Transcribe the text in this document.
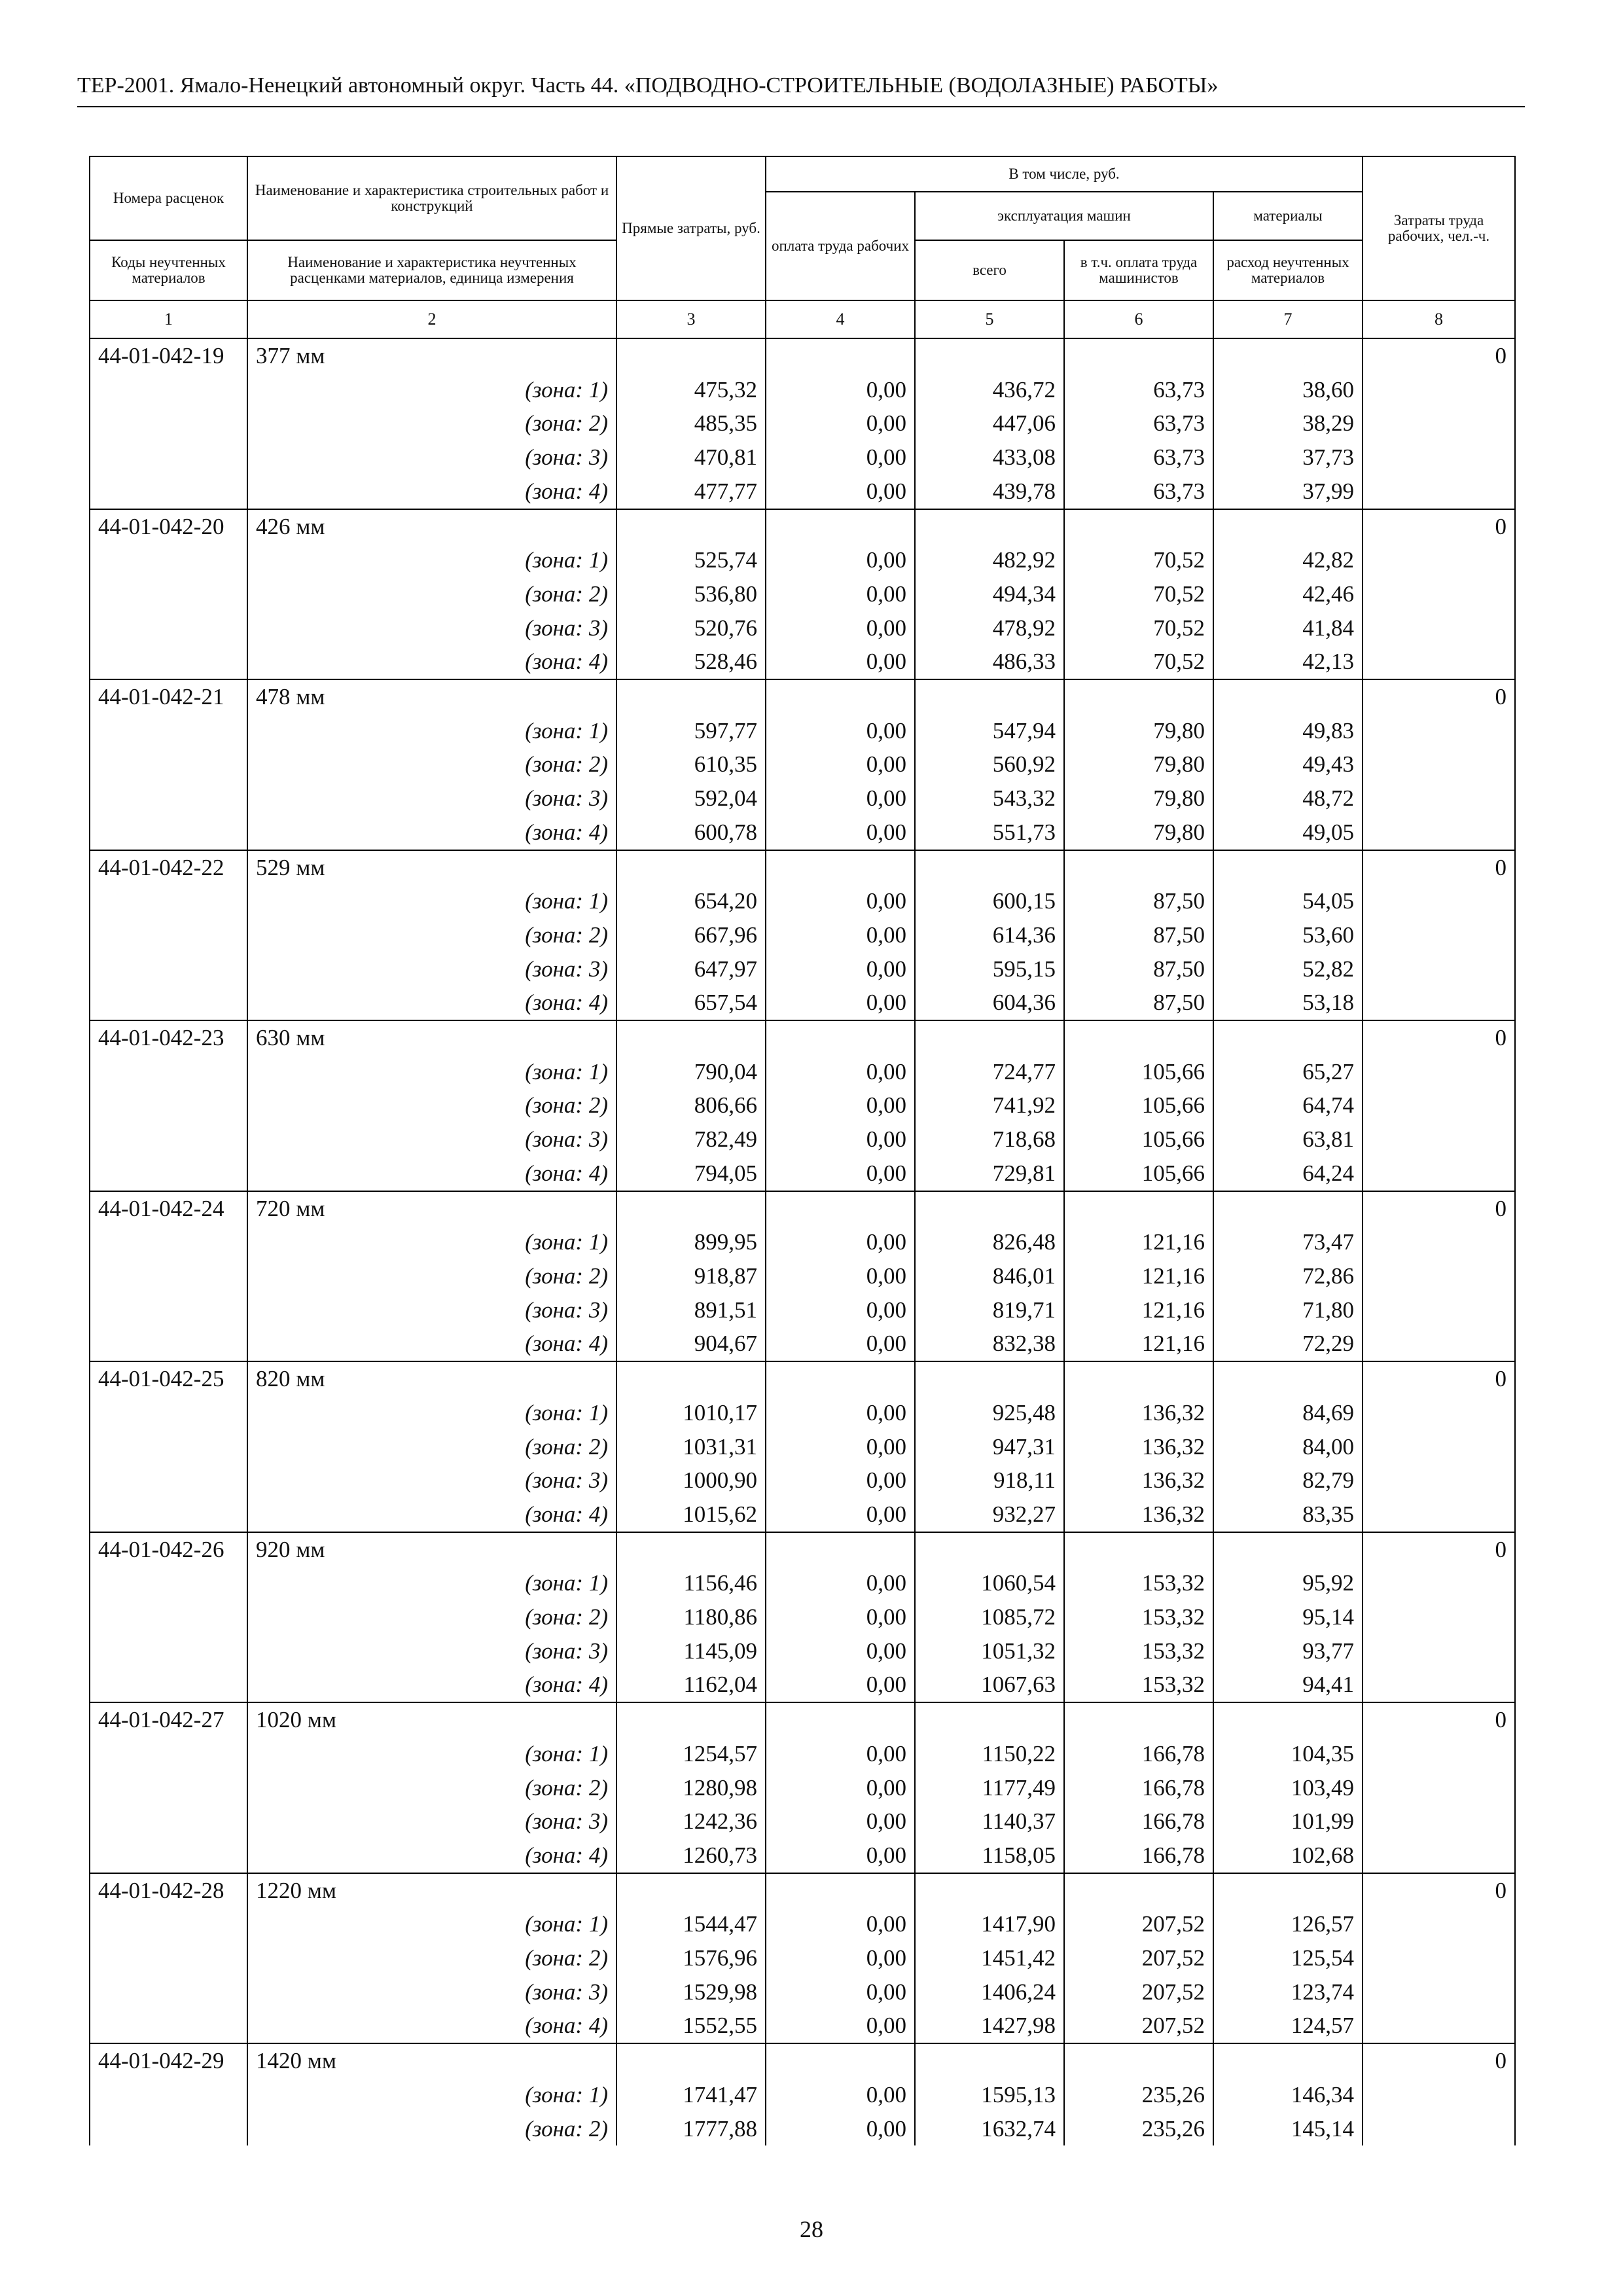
ТЕР-2001. Ямало-Ненецкий автономный округ. Часть 44. «ПОДВОДНО-СТРОИТЕЛЬНЫЕ (ВОДОЛАЗНЫЕ) РАБОТЫ»
Номера расценок	Наименование и характеристика строительных работ и конструкций	Прямые затраты, руб.	В том числе, руб.				Затраты труда рабочих, чел.-ч.
			оплата труда рабочих	эксплуатация машин		материалы	
Коды неучтенных материалов	Наименование и характеристика неучтенных расценками материалов, единица измерения			всего	в т.ч. оплата труда машинистов	расход неучтенных материалов	
1	2	3	4	5	6	7	8
44-01-042-19	377 мм						0
	(зона: 1)	475,32	0,00	436,72	63,73	38,60	
	(зона: 2)	485,35	0,00	447,06	63,73	38,29	
	(зона: 3)	470,81	0,00	433,08	63,73	37,73	
	(зона: 4)	477,77	0,00	439,78	63,73	37,99	
44-01-042-20	426 мм						0
	(зона: 1)	525,74	0,00	482,92	70,52	42,82	
	(зона: 2)	536,80	0,00	494,34	70,52	42,46	
	(зона: 3)	520,76	0,00	478,92	70,52	41,84	
	(зона: 4)	528,46	0,00	486,33	70,52	42,13	
44-01-042-21	478 мм						0
	(зона: 1)	597,77	0,00	547,94	79,80	49,83	
	(зона: 2)	610,35	0,00	560,92	79,80	49,43	
	(зона: 3)	592,04	0,00	543,32	79,80	48,72	
	(зона: 4)	600,78	0,00	551,73	79,80	49,05	
44-01-042-22	529 мм						0
	(зона: 1)	654,20	0,00	600,15	87,50	54,05	
	(зона: 2)	667,96	0,00	614,36	87,50	53,60	
	(зона: 3)	647,97	0,00	595,15	87,50	52,82	
	(зона: 4)	657,54	0,00	604,36	87,50	53,18	
44-01-042-23	630 мм						0
	(зона: 1)	790,04	0,00	724,77	105,66	65,27	
	(зона: 2)	806,66	0,00	741,92	105,66	64,74	
	(зона: 3)	782,49	0,00	718,68	105,66	63,81	
	(зона: 4)	794,05	0,00	729,81	105,66	64,24	
44-01-042-24	720 мм						0
	(зона: 1)	899,95	0,00	826,48	121,16	73,47	
	(зона: 2)	918,87	0,00	846,01	121,16	72,86	
	(зона: 3)	891,51	0,00	819,71	121,16	71,80	
	(зона: 4)	904,67	0,00	832,38	121,16	72,29	
44-01-042-25	820 мм						0
	(зона: 1)	1010,17	0,00	925,48	136,32	84,69	
	(зона: 2)	1031,31	0,00	947,31	136,32	84,00	
	(зона: 3)	1000,90	0,00	918,11	136,32	82,79	
	(зона: 4)	1015,62	0,00	932,27	136,32	83,35	
44-01-042-26	920 мм						0
	(зона: 1)	1156,46	0,00	1060,54	153,32	95,92	
	(зона: 2)	1180,86	0,00	1085,72	153,32	95,14	
	(зона: 3)	1145,09	0,00	1051,32	153,32	93,77	
	(зона: 4)	1162,04	0,00	1067,63	153,32	94,41	
44-01-042-27	1020 мм						0
	(зона: 1)	1254,57	0,00	1150,22	166,78	104,35	
	(зона: 2)	1280,98	0,00	1177,49	166,78	103,49	
	(зона: 3)	1242,36	0,00	1140,37	166,78	101,99	
	(зона: 4)	1260,73	0,00	1158,05	166,78	102,68	
44-01-042-28	1220 мм						0
	(зона: 1)	1544,47	0,00	1417,90	207,52	126,57	
	(зона: 2)	1576,96	0,00	1451,42	207,52	125,54	
	(зона: 3)	1529,98	0,00	1406,24	207,52	123,74	
	(зона: 4)	1552,55	0,00	1427,98	207,52	124,57	
44-01-042-29	1420 мм						0
	(зона: 1)	1741,47	0,00	1595,13	235,26	146,34	
	(зона: 2)	1777,88	0,00	1632,74	235,26	145,14	
28
